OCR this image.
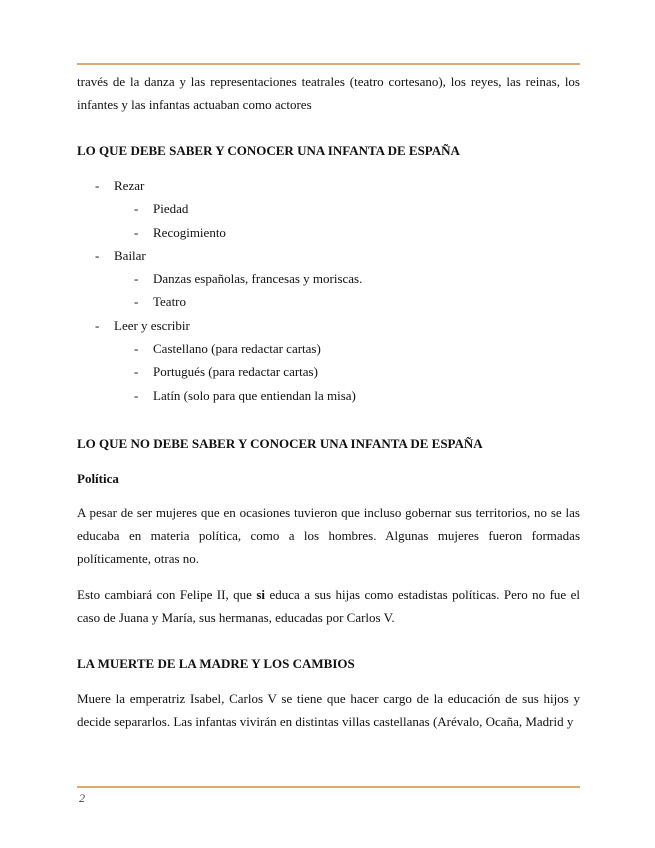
través de la danza y las representaciones teatrales (teatro cortesano), los reyes, las reinas, los infantes y las infantas actuaban como actores

LO QUE DEBE SABER Y CONOCER UNA INFANTA DE ESPAÑA
- Rezar
- Piedad
- Recogimiento
- Bailar
- Danzas españolas, francesas y moriscas.
- Teatro
- Leer y escribir
- Castellano (para redactar cartas)
- Portugués (para redactar cartas)
- Latín (solo para que entiendan la misa)
LO QUE NO DEBE SABER Y CONOCER UNA INFANTA DE ESPAÑA
Política

A pesar de ser mujeres que en ocasiones tuvieron que incluso gobernar sus territorios, no se las educaba en materia política, como a los hombres. Algunas mujeres fueron formadas políticamente, otras no.

Esto cambiará con Felipe II, que si educa a sus hijas como estadistas políticas. Pero no fue el caso de Juana y María, sus hermanas, educadas por Carlos V.

LA MUERTE DE LA MADRE Y LOS CAMBIOS

Muere la emperatriz Isabel, Carlos V se tiene que hacer cargo de la educación de sus hijos y decide separarlos. Las infantas vivirán en distintas villas castellanas (Arévalo, Ocaña, Madrid y

2
